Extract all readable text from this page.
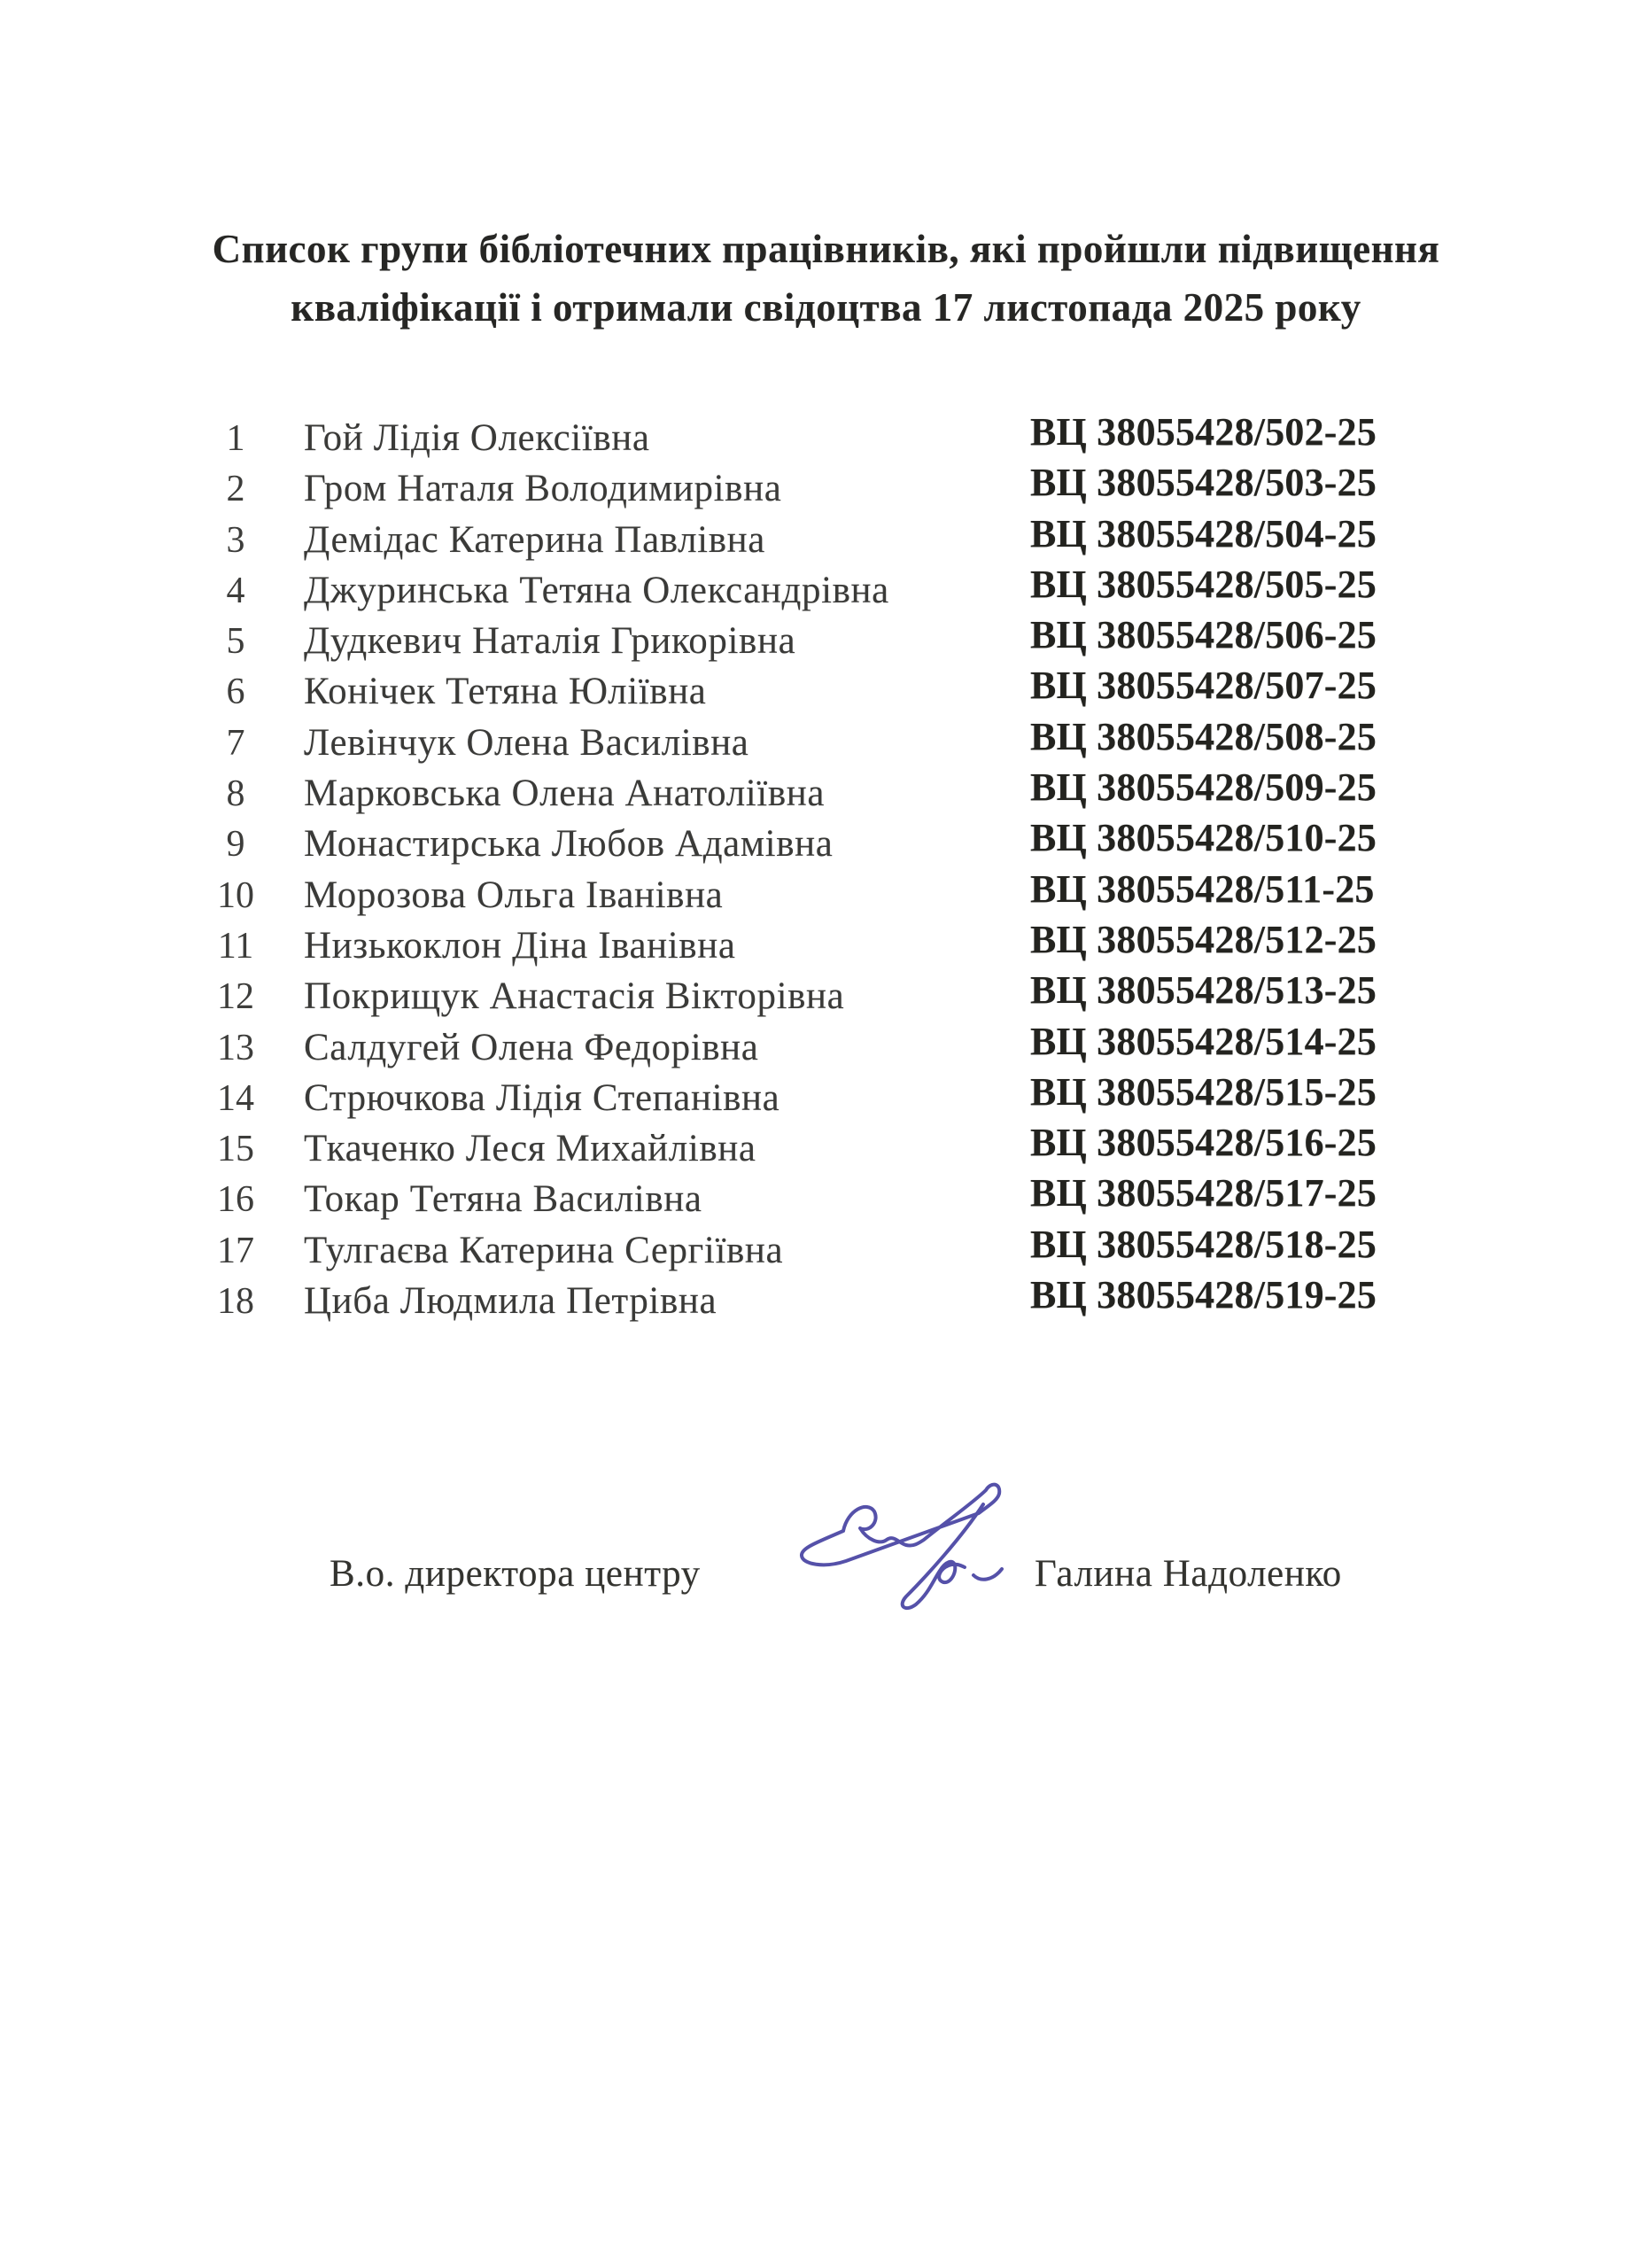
Список групи бібліотечних працівників, які пройшли підвищення
кваліфікації і отримали свідоцтва 17 листопада 2025 року
1 Гой Лідія Олексіївна	ВЦ 38055428/502-25
2 Гром Наталя Володимирівна	ВЦ 38055428/503-25
3 Демідас Катерина Павлівна	ВЦ 38055428/504-25
4 Джуринська Тетяна Олександрівна	ВЦ 38055428/505-25
5 Дудкевич Наталія Грикорівна	ВЦ 38055428/506-25
6 Конічек Тетяна Юліївна	ВЦ 38055428/507-25
7 Левінчук Олена Василівна	ВЦ 38055428/508-25
8 Марковська Олена Анатоліївна	ВЦ 38055428/509-25
9 Монастирська Любов Адамівна	ВЦ 38055428/510-25
10 Морозова Ольга Іванівна	ВЦ 38055428/511-25
11 Низькоклон Діна Іванівна	ВЦ 38055428/512-25
12 Покрищук Анастасія Вікторівна	ВЦ 38055428/513-25
13 Салдугей Олена Федорівна	ВЦ 38055428/514-25
14 Стрючкова Лідія Степанівна	ВЦ 38055428/515-25
15 Ткаченко Леся Михайлівна	ВЦ 38055428/516-25
16 Токар Тетяна Василівна	ВЦ 38055428/517-25
17 Тулгаєва Катерина Сергіївна	ВЦ 38055428/518-25
18 Циба Людмила Петрівна	ВЦ 38055428/519-25
В.о. директора центру	Галина Надоленко
